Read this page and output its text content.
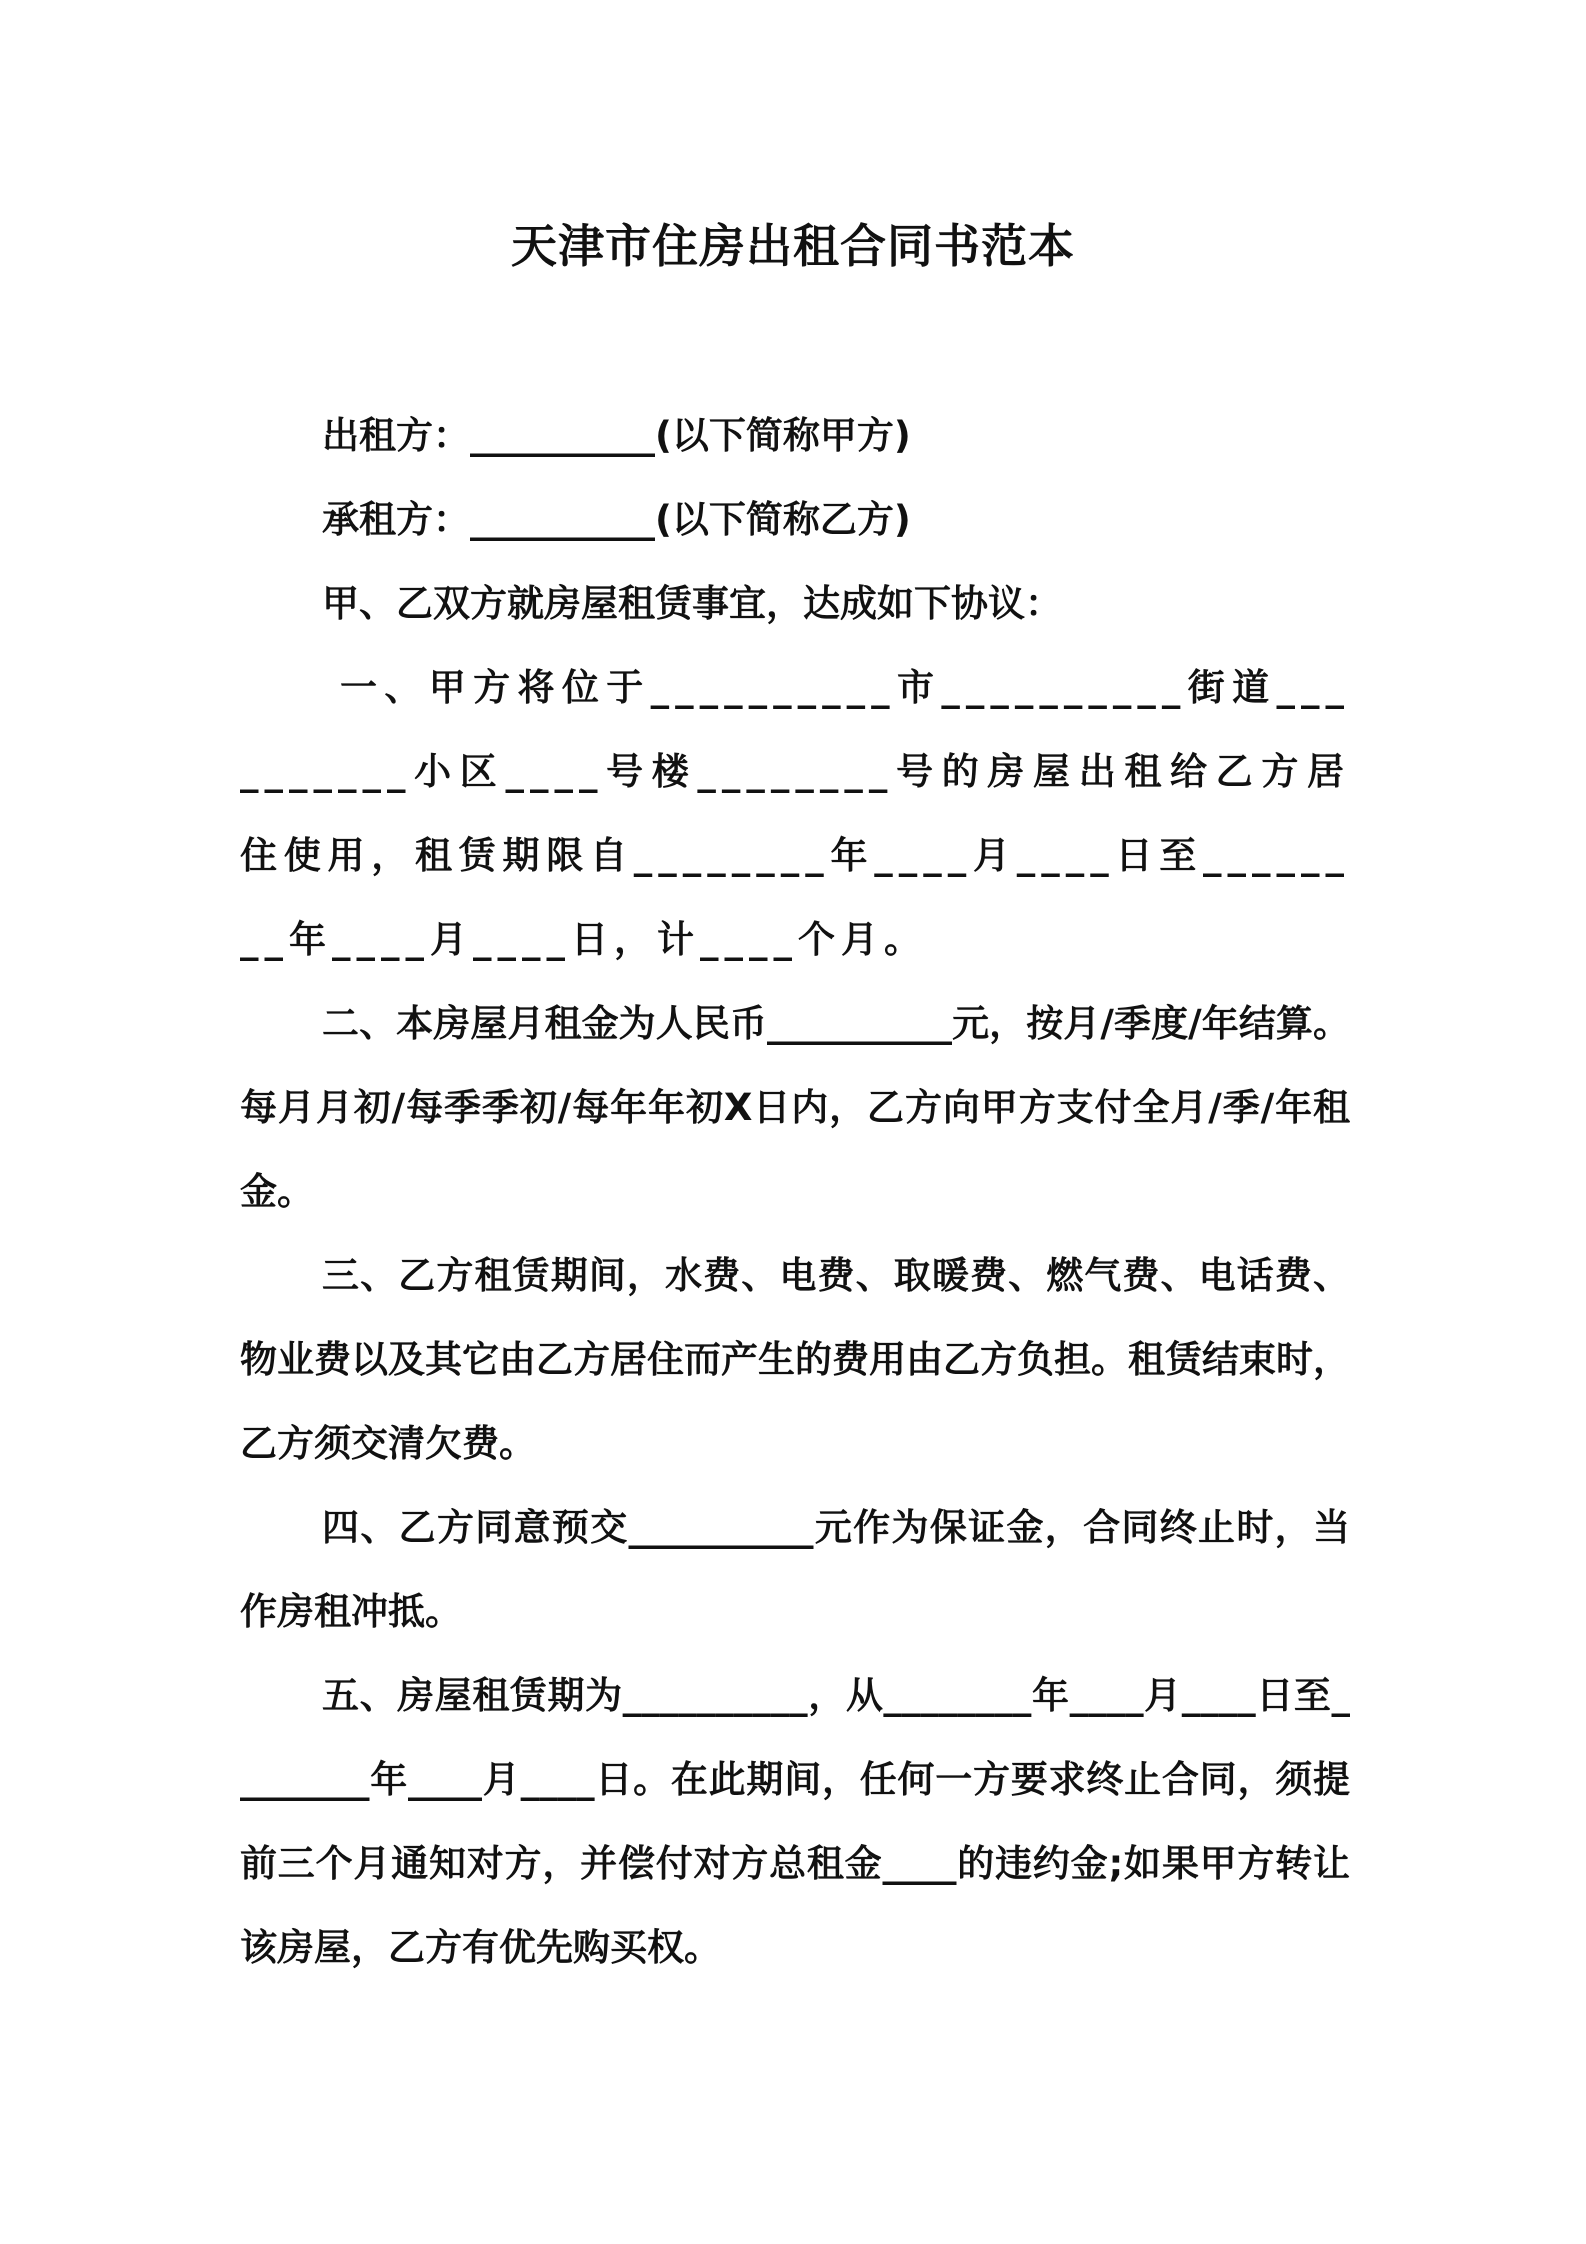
天津市住房出租合同书范本

出租方：__________(以下简称甲方)

承租方：__________(以下简称乙方)

甲、乙双方就房屋租赁事宜，达成如下协议：

一、甲方将位于__________市__________街道__________小区____号楼________号的房屋出租给乙方居住使用，租赁期限自________年____月____日至________年____月____日，计____个月。

二、本房屋月租金为人民币__________元，按月/季度/年结算。每月月初/每季季初/每年年初X日内，乙方向甲方支付全月/季/年租金。

三、乙方租赁期间，水费、电费、取暖费、燃气费、电话费、物业费以及其它由乙方居住而产生的费用由乙方负担。租赁结束时，乙方须交清欠费。

四、乙方同意预交__________元作为保证金，合同终止时，当作房租冲抵。

五、房屋租赁期为__________，从________年____月____日至________年____月____日。在此期间，任何一方要求终止合同，须提前三个月通知对方，并偿付对方总租金____的违约金;如果甲方转让该房屋，乙方有优先购买权。
